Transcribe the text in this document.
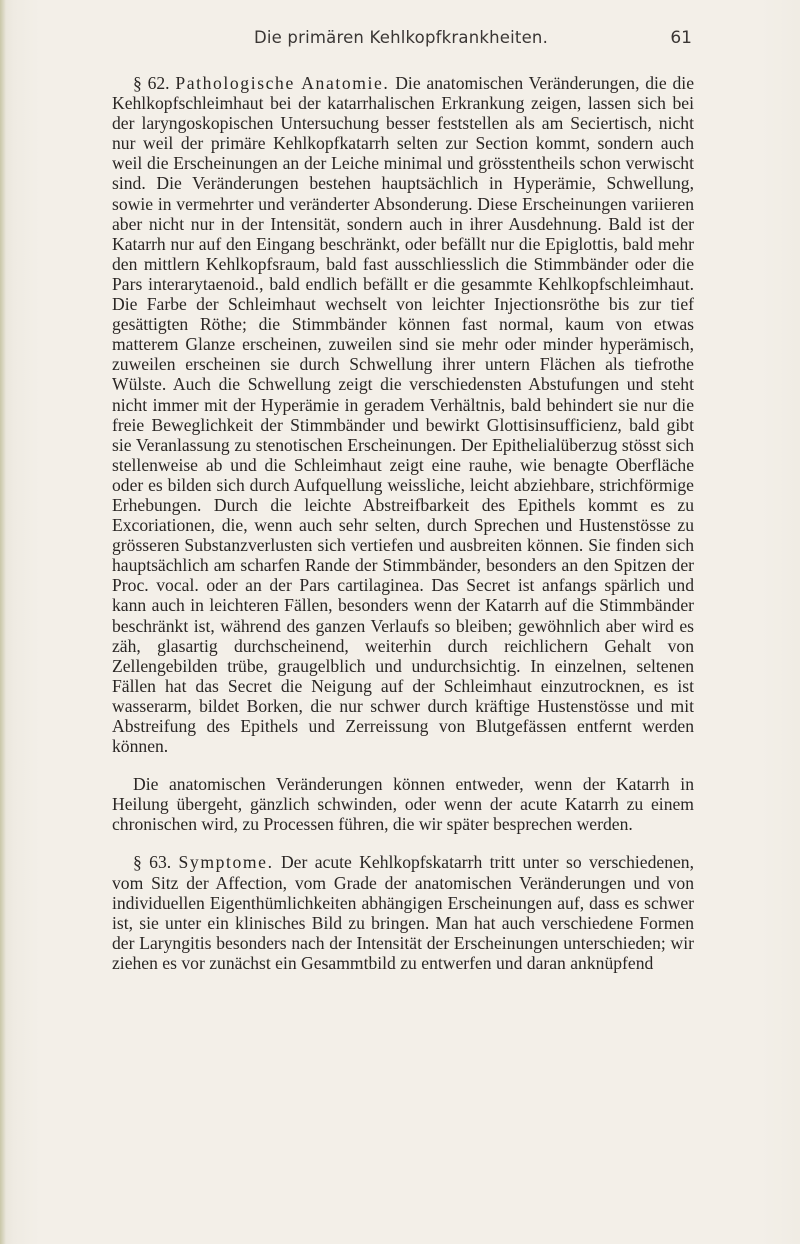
Die primären Kehlkopfkrankheiten.	61

§ 62. Pathologische Anatomie. Die anatomischen Veränderungen, die die Kehlkopfschleimhaut bei der katarrhalischen Erkrankung zeigen, lassen sich bei der laryngoskopischen Untersuchung besser feststellen als am Seciertisch, nicht nur weil der primäre Kehlkopfkatarrh selten zur Section kommt, sondern auch weil die Erscheinungen an der Leiche minimal und grösstentheils schon verwischt sind. Die Veränderungen bestehen hauptsächlich in Hyperämie, Schwellung, sowie in vermehrter und veränderter Absonderung. Diese Erscheinungen variieren aber nicht nur in der Intensität, sondern auch in ihrer Ausdehnung. Bald ist der Katarrh nur auf den Eingang beschränkt, oder befällt nur die Epiglottis, bald mehr den mittlern Kehlkopfsraum, bald fast ausschliesslich die Stimmbänder oder die Pars interarytaenoid., bald endlich befällt er die gesammte Kehlkopfschleimhaut. Die Farbe der Schleimhaut wechselt von leichter Injectionsröthe bis zur tief gesättigten Röthe; die Stimmbänder können fast normal, kaum von etwas matterem Glanze erscheinen, zuweilen sind sie mehr oder minder hyperämisch, zuweilen erscheinen sie durch Schwellung ihrer untern Flächen als tiefrothe Wülste. Auch die Schwellung zeigt die verschiedensten Abstufungen und steht nicht immer mit der Hyperämie in geradem Verhältnis, bald behindert sie nur die freie Beweglichkeit der Stimmbänder und bewirkt Glottisinsufficienz, bald gibt sie Veranlassung zu stenotischen Erscheinungen. Der Epithelialüberzug stösst sich stellenweise ab und die Schleimhaut zeigt eine rauhe, wie benagte Oberfläche oder es bilden sich durch Aufquellung weissliche, leicht abziehbare, strichförmige Erhebungen. Durch die leichte Abstreifbarkeit des Epithels kommt es zu Excoriationen, die, wenn auch sehr selten, durch Sprechen und Hustenstösse zu grösseren Substanzverlusten sich vertiefen und ausbreiten können. Sie finden sich hauptsächlich am scharfen Rande der Stimmbänder, besonders an den Spitzen der Proc. vocal. oder an der Pars cartilaginea. Das Secret ist anfangs spärlich und kann auch in leichteren Fällen, besonders wenn der Katarrh auf die Stimmbänder beschränkt ist, während des ganzen Verlaufs so bleiben; gewöhnlich aber wird es zäh, glasartig durchscheinend, weiterhin durch reichlichern Gehalt von Zellengebilden trübe, graugelblich und undurchsichtig. In einzelnen, seltenen Fällen hat das Secret die Neigung auf der Schleimhaut einzutrocknen, es ist wasserarm, bildet Borken, die nur schwer durch kräftige Hustenstösse und mit Abstreifung des Epithels und Zerreissung von Blutgefässen entfernt werden können.

Die anatomischen Veränderungen können entweder, wenn der Katarrh in Heilung übergeht, gänzlich schwinden, oder wenn der acute Katarrh zu einem chronischen wird, zu Processen führen, die wir später besprechen werden.

§ 63. Symptome. Der acute Kehlkopfskatarrh tritt unter so verschiedenen, vom Sitz der Affection, vom Grade der anatomischen Veränderungen und von individuellen Eigenthümlichkeiten abhängigen Erscheinungen auf, dass es schwer ist, sie unter ein klinisches Bild zu bringen. Man hat auch verschiedene Formen der Laryngitis besonders nach der Intensität der Erscheinungen unterschieden; wir ziehen es vor zunächst ein Gesammtbild zu entwerfen und daran anknüpfend
